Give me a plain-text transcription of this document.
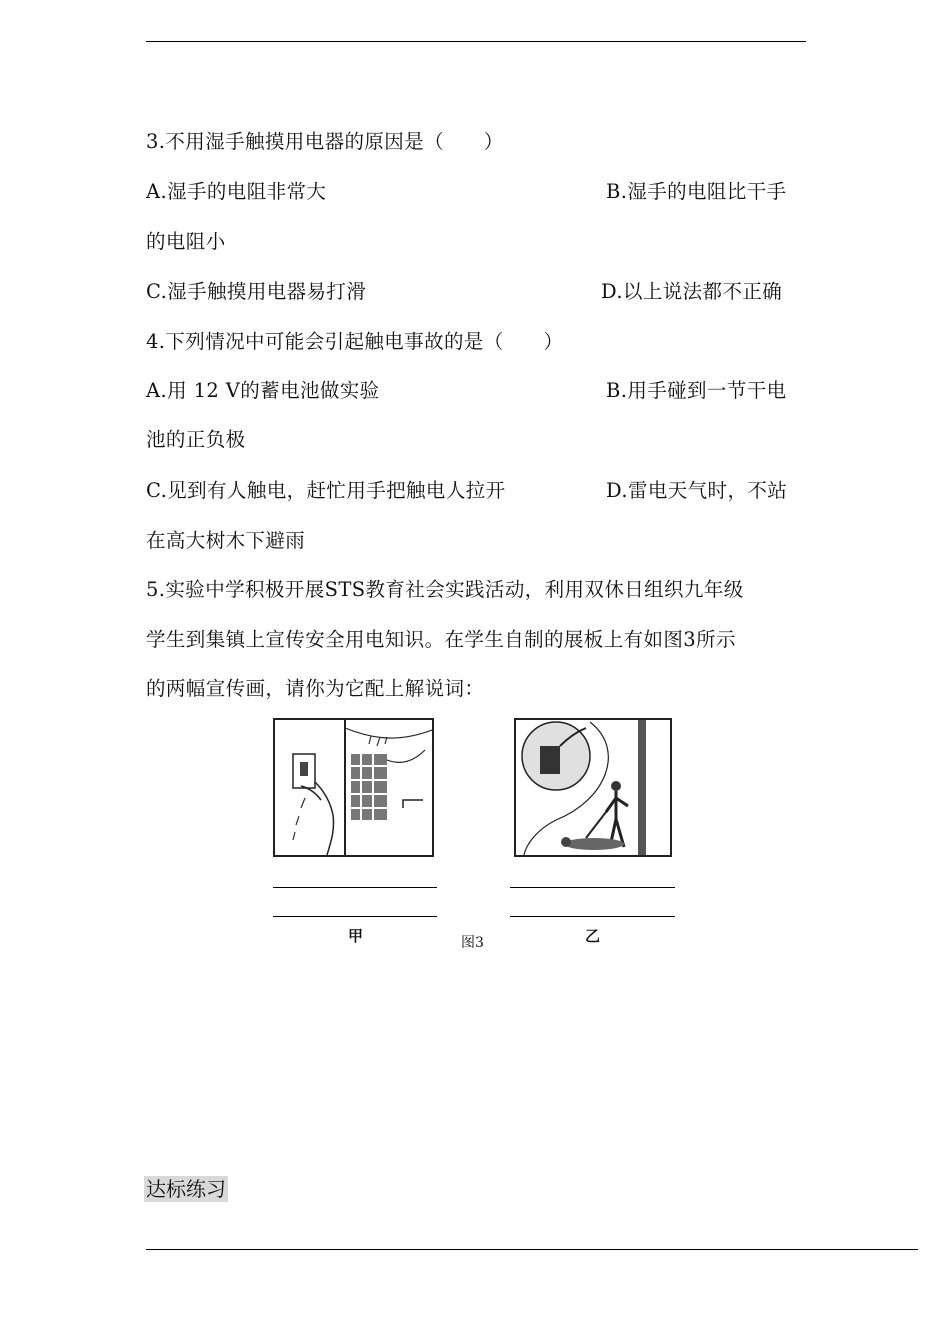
3.不用湿手触摸用电器的原因是（　　）
A.湿手的电阻非常大	B.湿手的电阻比干手
的电阻小
C.湿手触摸用电器易打滑	D.以上说法都不正确
4.下列情况中可能会引起触电事故的是（　　）
A.用 12 V的蓄电池做实验	B.用手碰到一节干电
池的正负极
C.见到有人触电，赶忙用手把触电人拉开	D.雷电天气时，不站
在高大树木下避雨
5.实验中学积极开展STS教育社会实践活动，利用双休日组织九年级
学生到集镇上宣传安全用电知识。在学生自制的展板上有如图3所示
的两幅宣传画，请你为它配上解说词：
甲	图3	乙
达标练习
